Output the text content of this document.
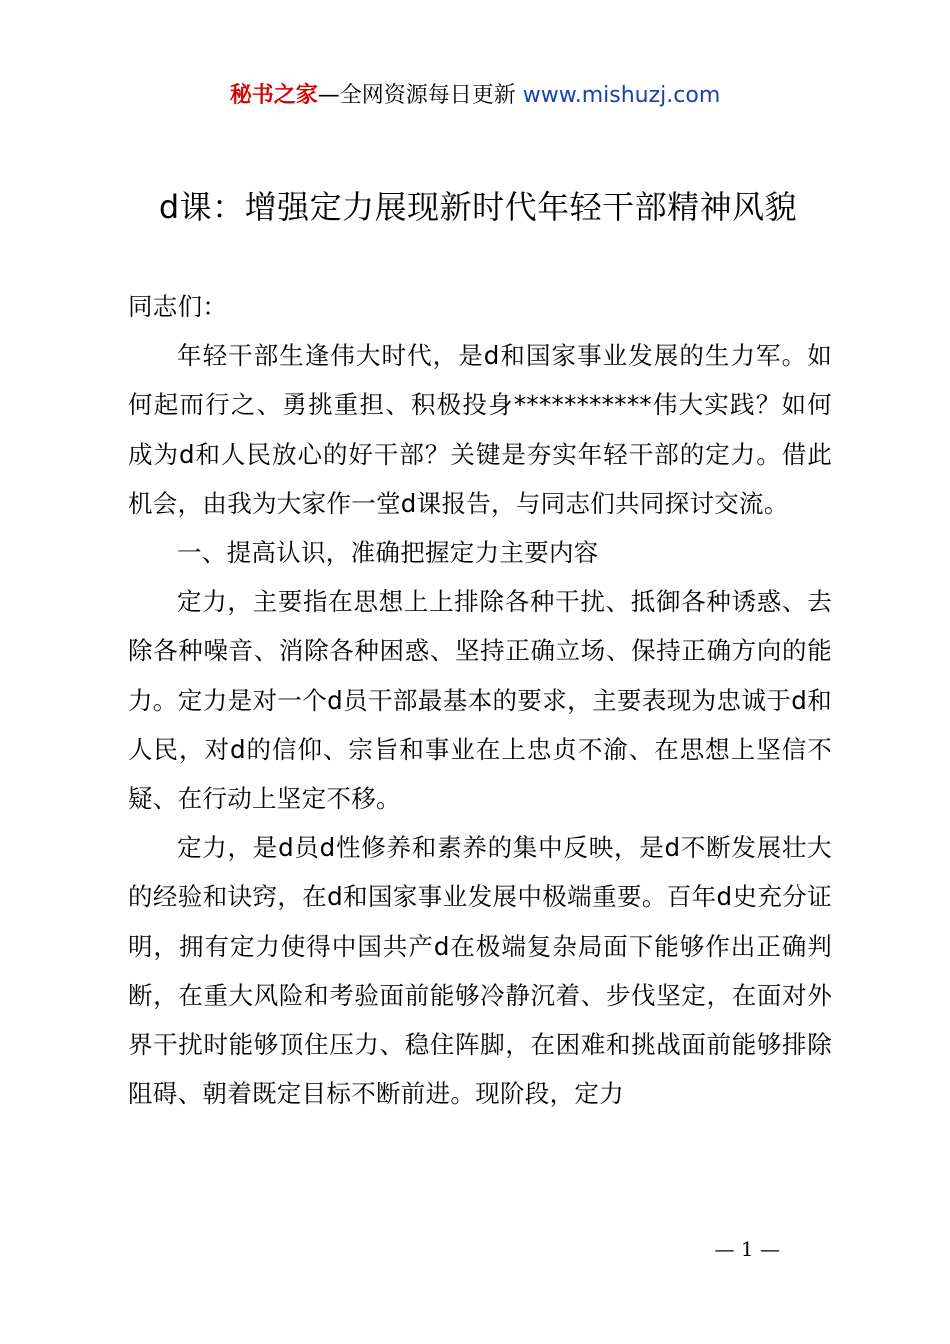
秘书之家—全网资源每日更新 www.mishuzj.com
d课：增强定力展现新时代年轻干部精神风貌

同志们：

年轻干部生逢伟大时代，是d和国家事业发展的生力军。如何起而行之、勇挑重担、积极投身***********伟大实践？如何成为d和人民放心的好干部？关键是夯实年轻干部的定力。借此机会，由我为大家作一堂d课报告，与同志们共同探讨交流。

一、提高认识，准确把握定力主要内容

定力，主要指在思想上上排除各种干扰、抵御各种诱惑、去除各种噪音、消除各种困惑、坚持正确立场、保持正确方向的能力。定力是对一个d员干部最基本的要求，主要表现为忠诚于d和人民，对d的信仰、宗旨和事业在上忠贞不渝、在思想上坚信不疑、在行动上坚定不移。

定力，是d员d性修养和素养的集中反映，是d不断发展壮大的经验和诀窍，在d和国家事业发展中极端重要。百年d史充分证明，拥有定力使得中国共产d在极端复杂局面下能够作出正确判断，在重大风险和考验面前能够冷静沉着、步伐坚定，在面对外界干扰时能够顶住压力、稳住阵脚，在困难和挑战面前能够排除阻碍、朝着既定目标不断前进。现阶段，定力

— 1 —
